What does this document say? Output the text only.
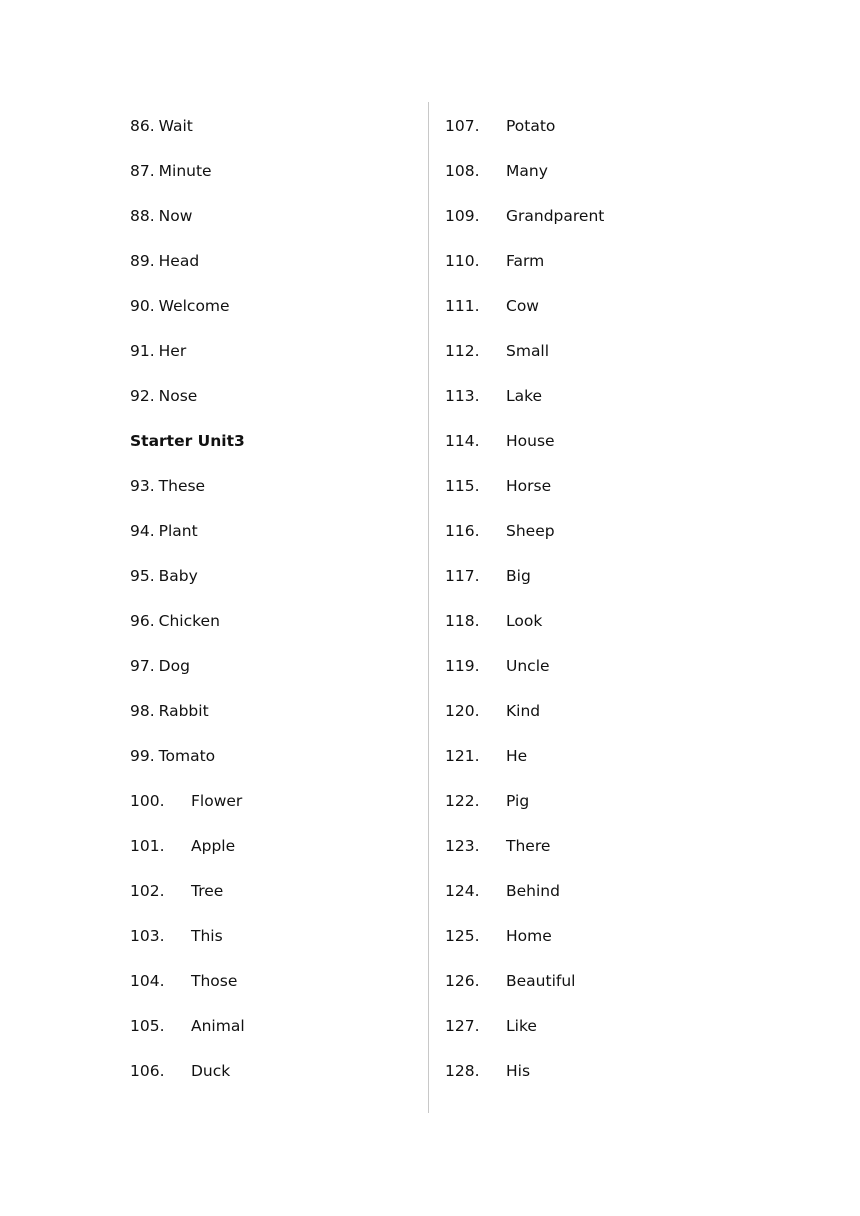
86. Wait
87. Minute
88. Now
89. Head
90. Welcome
91. Her
92. Nose
Starter Unit3
93. These
94. Plant
95. Baby
96. Chicken
97. Dog
98. Rabbit
99. Tomato
100. Flower
101. Apple
102. Tree
103. This
104. Those
105. Animal
106. Duck
107. Potato
108. Many
109. Grandparent
110. Farm
111. Cow
112. Small
113. Lake
114. House
115. Horse
116. Sheep
117. Big
118. Look
119. Uncle
120. Kind
121. He
122. Pig
123. There
124. Behind
125. Home
126. Beautiful
127. Like
128. His
